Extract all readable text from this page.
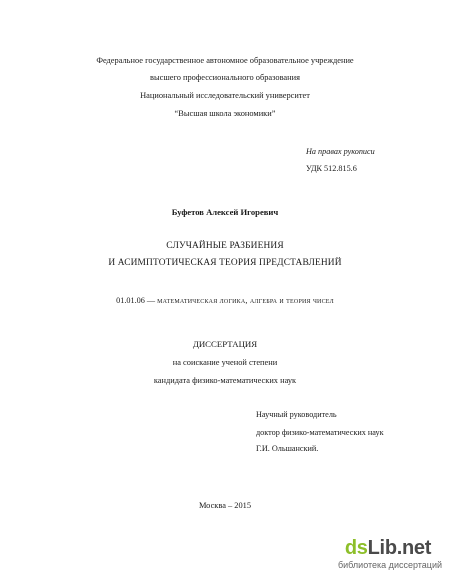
Федеральное государственное автономное образовательное учреждение
высшего профессионального образования
Национальный исследовательский университет
“Высшая школа экономики”
На правах рукописи
УДК 512.815.6
Буфетов Алексей Игоревич
СЛУЧАЙНЫЕ РАЗБИЕНИЯ
И АСИМПТОТИЧЕСКАЯ ТЕОРИЯ ПРЕДСТАВЛЕНИЙ
01.01.06 — математическая логика, алгебра и теория чисел
ДИССЕРТАЦИЯ
на соискание ученой степени
кандидата физико-математических наук
Научный руководитель
доктор физико-математических наук
Г.И. Ольшанский.
Москва – 2015
dsLib.net
библиотека диссертаций
